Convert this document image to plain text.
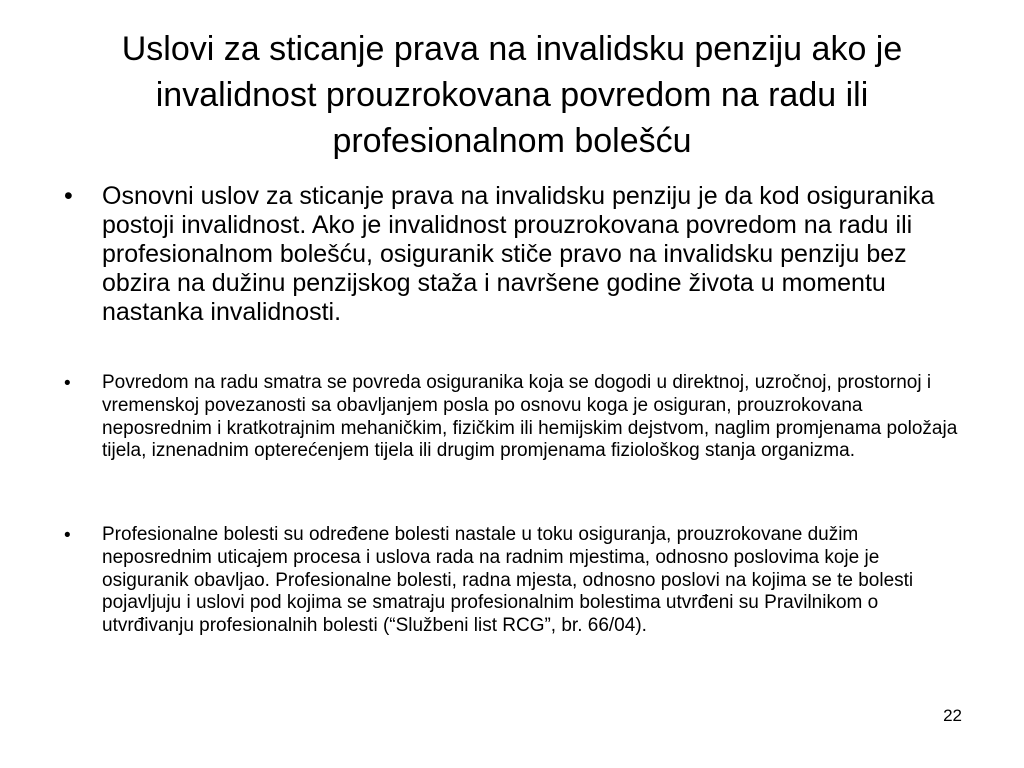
Uslovi za sticanje prava na invalidsku penziju ako je invalidnost prouzrokovana povredom na radu ili profesionalnom bolešću
• Osnovni uslov za sticanje prava na invalidsku penziju je da kod osiguranika postoji invalidnost. Ako je invalidnost prouzrokovana povredom na radu ili profesionalnom bolešću, osiguranik stiče pravo na invalidsku penziju bez obzira na dužinu penzijskog staža i navršene godine života u momentu nastanka invalidnosti.
• Povredom na radu smatra se povreda osiguranika koja se dogodi u direktnoj, uzročnoj, prostornoj i vremenskoj povezanosti sa obavljanjem posla po osnovu koga je osiguran, prouzrokovana neposrednim i kratkotrajnim mehaničkim, fizičkim ili hemijskim dejstvom, naglim promjenama položaja tijela, iznenadnim opterećenjem tijela ili drugim promjenama fiziološkog stanja organizma.
• Profesionalne bolesti su određene bolesti nastale u toku osiguranja, prouzrokovane dužim neposrednim uticajem procesa i uslova rada na radnim mjestima, odnosno poslovima koje je osiguranik obavljao. Profesionalne bolesti, radna mjesta, odnosno poslovi na kojima se te bolesti pojavljuju i uslovi pod kojima se smatraju profesionalnim bolestima utvrđeni su Pravilnikom o utvrđivanju profesionalnih bolesti (“Službeni list RCG”, br. 66/04).
22
